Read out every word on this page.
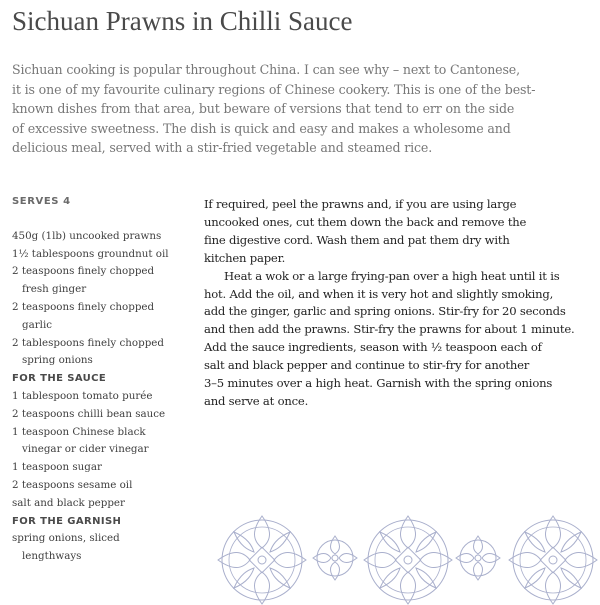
Sichuan Prawns in Chilli Sauce
Sichuan cooking is popular throughout China. I can see why – next to Cantonese,
it is one of my favourite culinary regions of Chinese cookery. This is one of the best-
known dishes from that area, but beware of versions that tend to err on the side
of excessive sweetness. The dish is quick and easy and makes a wholesome and
delicious meal, served with a stir-fried vegetable and steamed rice.
SERVES 4
450g (1lb) uncooked prawns
1½ tablespoons groundnut oil
2 teaspoons finely chopped
fresh ginger
2 teaspoons finely chopped
garlic
2 tablespoons finely chopped
spring onions
FOR THE SAUCE
1 tablespoon tomato purée
2 teaspoons chilli bean sauce
1 teaspoon Chinese black
vinegar or cider vinegar
1 teaspoon sugar
2 teaspoons sesame oil
salt and black pepper
FOR THE GARNISH
spring onions, sliced
lengthways
If required, peel the prawns and, if you are using large
uncooked ones, cut them down the back and remove the
fine digestive cord. Wash them and pat them dry with
kitchen paper.
Heat a wok or a large frying-pan over a high heat until it is
hot. Add the oil, and when it is very hot and slightly smoking,
add the ginger, garlic and spring onions. Stir-fry for 20 seconds
and then add the prawns. Stir-fry the prawns for about 1 minute.
Add the sauce ingredients, season with ½ teaspoon each of
salt and black pepper and continue to stir-fry for another
3–5 minutes over a high heat. Garnish with the spring onions
and serve at once.
